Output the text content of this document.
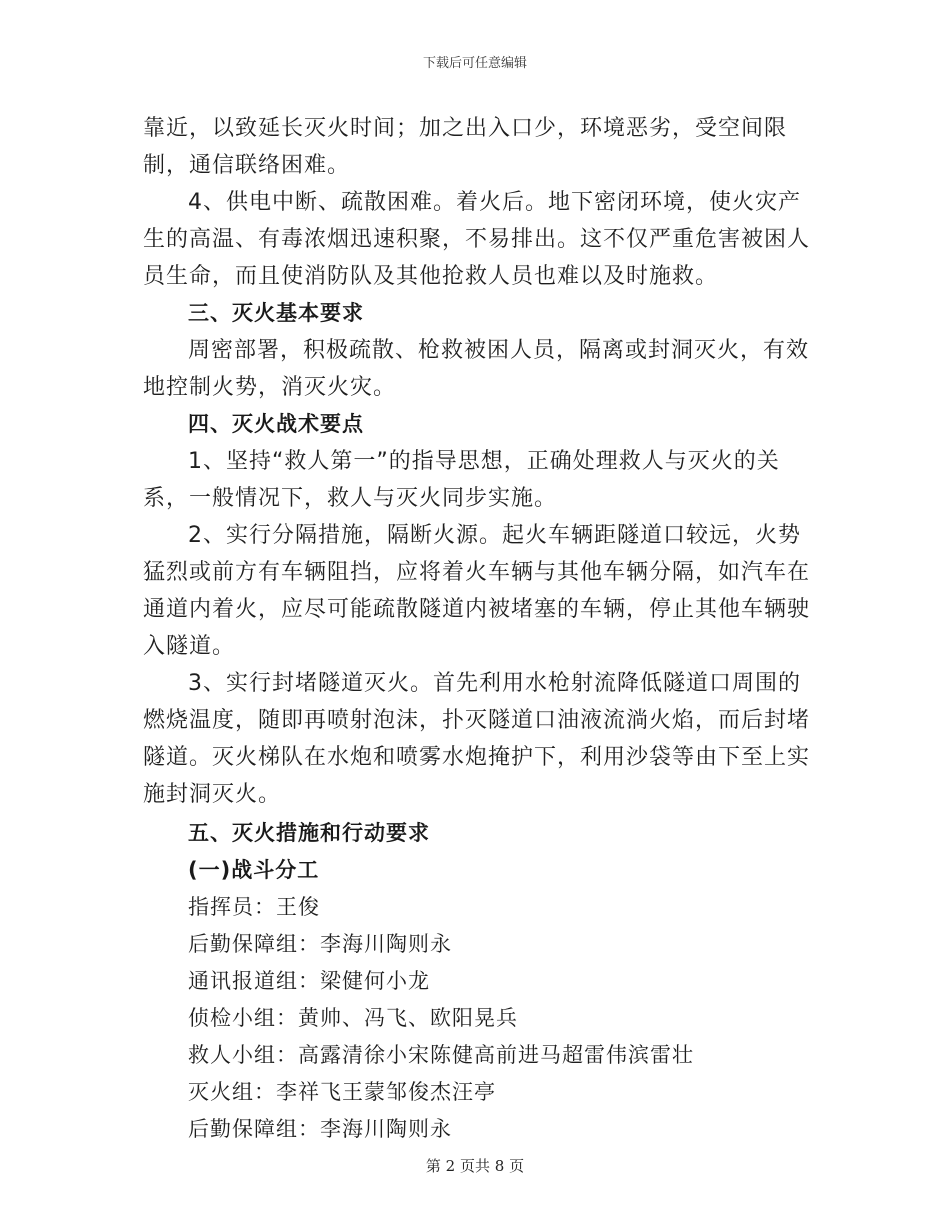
下载后可任意编辑

靠近，以致延长灭火时间；加之出入口少，环境恶劣，受空间限制，通信联络困难。

4、供电中断、疏散困难。着火后。地下密闭环境，使火灾产生的高温、有毒浓烟迅速积聚，不易排出。这不仅严重危害被困人员生命，而且使消防队及其他抢救人员也难以及时施救。

三、灭火基本要求

周密部署，积极疏散、枪救被困人员，隔离或封洞灭火，有效地控制火势，消灭火灾。

四、灭火战术要点

1、坚持“救人第一”的指导思想，正确处理救人与灭火的关系，一般情况下，救人与灭火同步实施。

2、实行分隔措施，隔断火源。起火车辆距隧道口较远，火势猛烈或前方有车辆阻挡，应将着火车辆与其他车辆分隔，如汽车在通道内着火，应尽可能疏散隧道内被堵塞的车辆，停止其他车辆驶入隧道。

3、实行封堵隧道灭火。首先利用水枪射流降低隧道口周围的燃烧温度，随即再喷射泡沫，扑灭隧道口油液流淌火焰，而后封堵隧道。灭火梯队在水炮和喷雾水炮掩护下，利用沙袋等由下至上实施封洞灭火。

五、灭火措施和行动要求

(一)战斗分工

指挥员：王俊

后勤保障组：李海川陶则永

通讯报道组：梁健何小龙

侦检小组：黄帅、冯飞、欧阳晃兵

救人小组：高露清徐小宋陈健高前进马超雷伟滨雷壮

灭火组：李祥飞王蒙邹俊杰汪亭

后勤保障组：李海川陶则永

第 2 页共 8 页
